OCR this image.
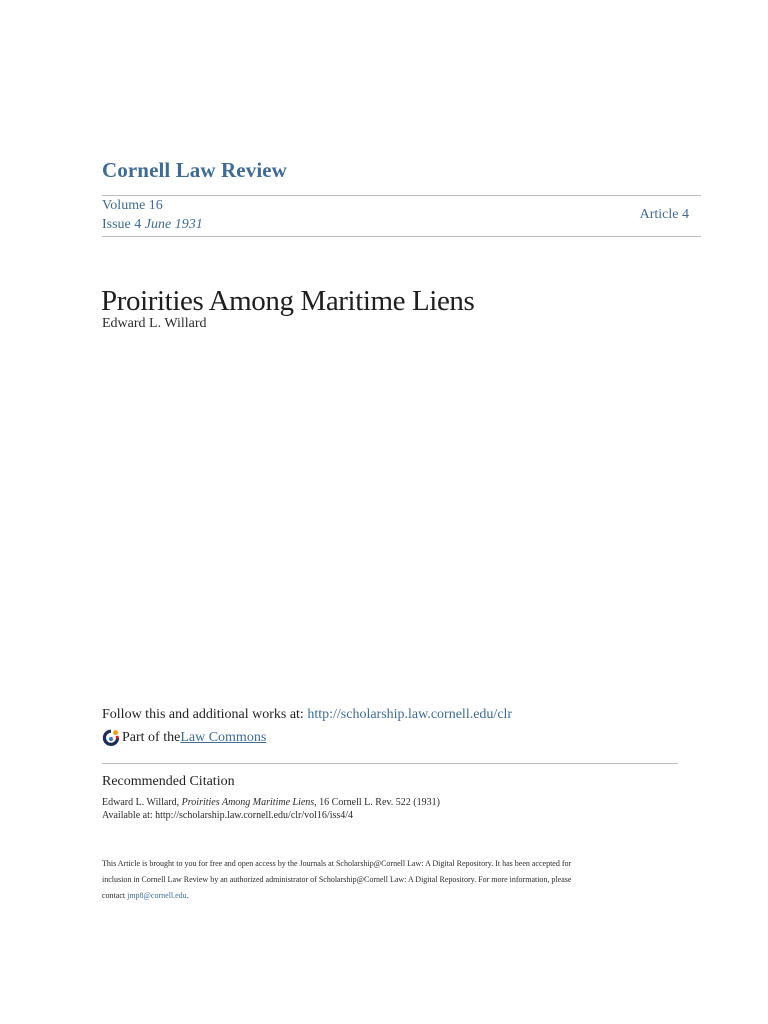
Cornell Law Review
Volume 16
Issue 4 June 1931
Article 4
Proirities Among Maritime Liens
Edward L. Willard
Follow this and additional works at: http://scholarship.law.cornell.edu/clr
Part of the Law Commons
Recommended Citation
Edward L. Willard, Proirities Among Maritime Liens, 16 Cornell L. Rev. 522 (1931)
Available at: http://scholarship.law.cornell.edu/clr/vol16/iss4/4
This Article is brought to you for free and open access by the Journals at Scholarship@Cornell Law: A Digital Repository. It has been accepted for
inclusion in Cornell Law Review by an authorized administrator of Scholarship@Cornell Law: A Digital Repository. For more information, please
contact jmp8@cornell.edu.
